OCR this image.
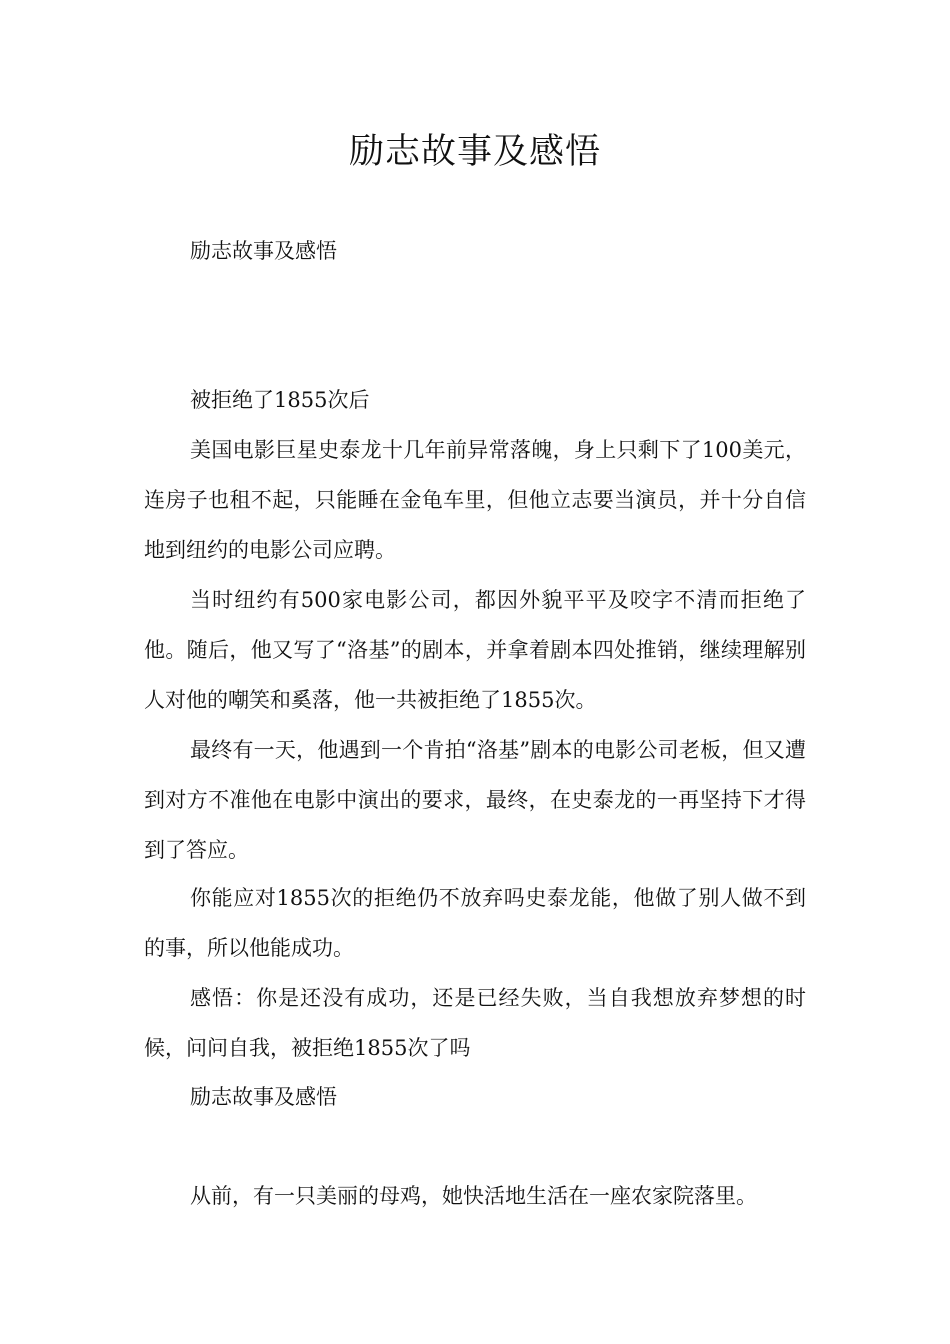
励志故事及感悟

励志故事及感悟

被拒绝了1855次后

美国电影巨星史泰龙十几年前异常落魄，身上只剩下了100美元，连房子也租不起，只能睡在金龟车里，但他立志要当演员，并十分自信地到纽约的电影公司应聘。

当时纽约有500家电影公司，都因外貌平平及咬字不清而拒绝了他。随后，他又写了“洛基”的剧本，并拿着剧本四处推销，继续理解别人对他的嘲笑和奚落，他一共被拒绝了1855次。

最终有一天，他遇到一个肯拍“洛基”剧本的电影公司老板，但又遭到对方不准他在电影中演出的要求，最终，在史泰龙的一再坚持下才得到了答应。

你能应对1855次的拒绝仍不放弃吗史泰龙能，他做了别人做不到的事，所以他能成功。

感悟：你是还没有成功，还是已经失败，当自我想放弃梦想的时候，问问自我，被拒绝1855次了吗

励志故事及感悟

从前，有一只美丽的母鸡，她快活地生活在一座农家院落里。
